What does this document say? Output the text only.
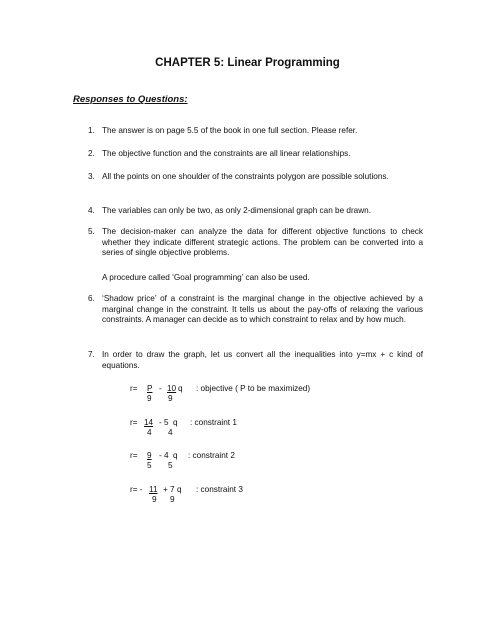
CHAPTER 5: Linear Programming
Responses to Questions:
1. The answer is on page 5.5 of the book in one full section. Please refer.
2. The objective function and the constraints are all linear relationships.
3. All the points on one shoulder of the constraints polygon are possible solutions.
4. The variables can only be two, as only 2-dimensional graph can be drawn.
5. The decision-maker can analyze the data for different objective functions to check whether they indicate different strategic actions. The problem can be converted into a series of single objective problems.
A procedure called ‘Goal programming’ can also be used.
6. ‘Shadow price’ of a constraint is the marginal change in the objective achieved by a marginal change in the constraint. It tells us about the pay-offs of relaxing the various constraints. A manager can decide as to which constraint to relax and by how much.
7. In order to draw the graph, let us convert all the inequalities into y=mx + c kind of equations.
r= P - 10 q : objective ( P to be maximized)
9 9
r= 14 - 5 q : constraint 1
4 4
r= 9 - 4 q : constraint 2
5 5
r= - 11 + 7 q : constraint 3
9 9
